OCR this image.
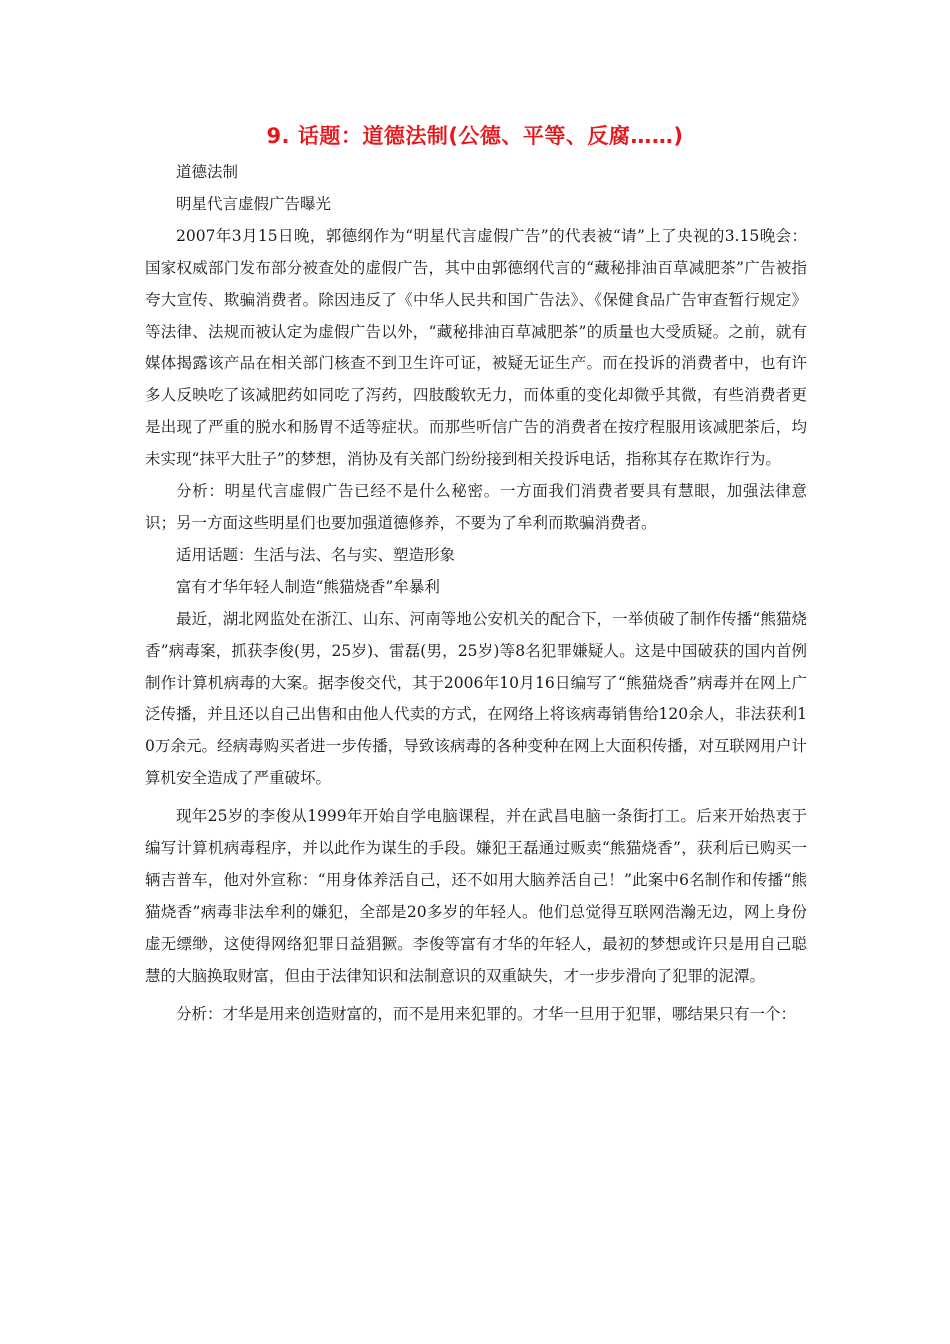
9. 话题：道德法制(公德、平等、反腐……)

道德法制

明星代言虚假广告曝光

2007年3月15日晚，郭德纲作为“明星代言虚假广告”的代表被“请”上了央视的3.15晚会：国家权威部门发布部分被查处的虚假广告，其中由郭德纲代言的“藏秘排油百草减肥茶”广告被指夸大宣传、欺骗消费者。除因违反了《中华人民共和国广告法》、《保健食品广告审查暂行规定》等法律、法规而被认定为虚假广告以外，“藏秘排油百草减肥茶”的质量也大受质疑。之前，就有媒体揭露该产品在相关部门核查不到卫生许可证，被疑无证生产。而在投诉的消费者中，也有许多人反映吃了该减肥药如同吃了泻药，四肢酸软无力，而体重的变化却微乎其微，有些消费者更是出现了严重的脱水和肠胃不适等症状。而那些听信广告的消费者在按疗程服用该减肥茶后，均未实现“抹平大肚子”的梦想，消协及有关部门纷纷接到相关投诉电话，指称其存在欺诈行为。

分析：明星代言虚假广告已经不是什么秘密。一方面我们消费者要具有慧眼，加强法律意识；另一方面这些明星们也要加强道德修养，不要为了牟利而欺骗消费者。

适用话题：生活与法、名与实、塑造形象

富有才华年轻人制造“熊猫烧香”牟暴利

最近，湖北网监处在浙江、山东、河南等地公安机关的配合下，一举侦破了制作传播“熊猫烧香”病毒案，抓获李俊(男，25岁)、雷磊(男，25岁)等8名犯罪嫌疑人。这是中国破获的国内首例制作计算机病毒的大案。据李俊交代，其于2006年10月16日编写了“熊猫烧香”病毒并在网上广泛传播，并且还以自己出售和由他人代卖的方式，在网络上将该病毒销售给120余人，非法获利10万余元。经病毒购买者进一步传播，导致该病毒的各种变种在网上大面积传播，对互联网用户计算机安全造成了严重破坏。

现年25岁的李俊从1999年开始自学电脑课程，并在武昌电脑一条街打工。后来开始热衷于编写计算机病毒程序，并以此作为谋生的手段。嫌犯王磊通过贩卖“熊猫烧香”，获利后已购买一辆吉普车，他对外宣称：“用身体养活自己，还不如用大脑养活自己！”此案中6名制作和传播“熊猫烧香”病毒非法牟利的嫌犯，全部是20多岁的年轻人。他们总觉得互联网浩瀚无边，网上身份虚无缥缈，这使得网络犯罪日益猖獗。李俊等富有才华的年轻人，最初的梦想或许只是用自己聪慧的大脑换取财富，但由于法律知识和法制意识的双重缺失，才一步步滑向了犯罪的泥潭。

分析：才华是用来创造财富的，而不是用来犯罪的。才华一旦用于犯罪，哪结果只有一个：
